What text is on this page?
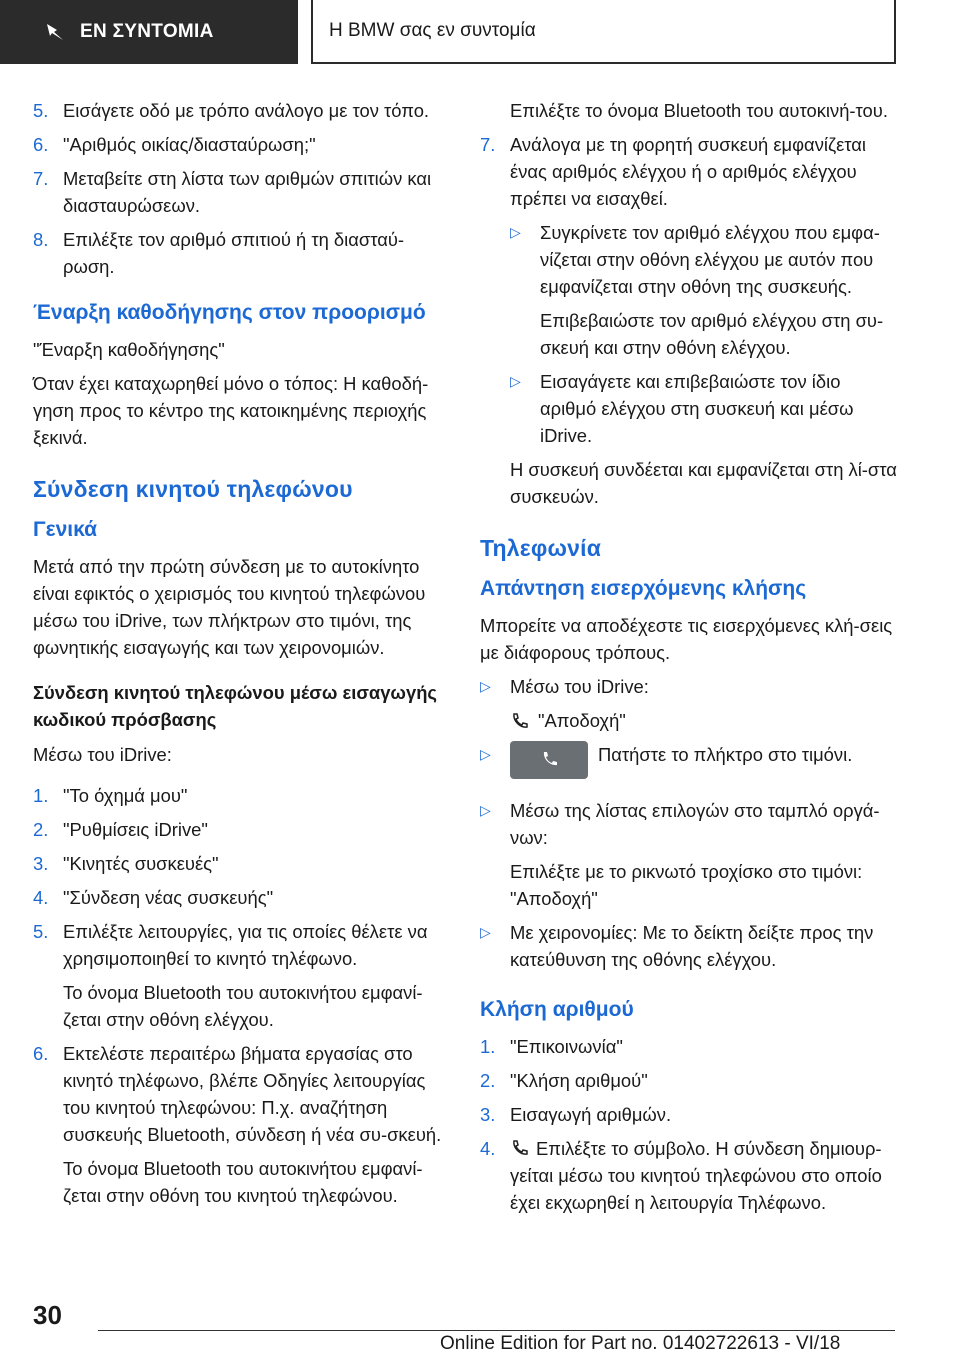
ΕΝ ΣΥΝΤΟΜΙΑ	Η BMW σας εν συντομία
5. Εισάγετε οδό με τρόπο ανάλογο με τον τόπο.
6. "Αριθμός οικίας/διασταύρωση;"
7. Μεταβείτε στη λίστα των αριθμών σπιτιών και διασταυρώσεων.
8. Επιλέξτε τον αριθμό σπιτιού ή τη διασταύ‐ρωση.
Έναρξη καθοδήγησης στον προορισμό
"Έναρξη καθοδήγησης"
Όταν έχει καταχωρηθεί μόνο ο τόπος: Η καθοδή‐γηση προς το κέντρο της κατοικημένης περιοχής ξεκινά.
Σύνδεση κινητού τηλεφώνου
Γενικά
Μετά από την πρώτη σύνδεση με το αυτοκίνητο είναι εφικτός ο χειρισμός του κινητού τηλεφώνου μέσω του iDrive, των πλήκτρων στο τιμόνι, της φωνητικής εισαγωγής και των χειρονομιών.
Σύνδεση κινητού τηλεφώνου μέσω εισαγωγής κωδικού πρόσβασης
Μέσω του iDrive:
1. "Το όχημά μου"
2. "Ρυθμίσεις iDrive"
3. "Κινητές συσκευές"
4. "Σύνδεση νέας συσκευής"
5. Επιλέξτε λειτουργίες, για τις οποίες θέλετε να χρησιμοποιηθεί το κινητό τηλέφωνο.
Το όνομα Bluetooth του αυτοκινήτου εμφανί‐ζεται στην οθόνη ελέγχου.
6. Εκτελέστε περαιτέρω βήματα εργασίας στο κινητό τηλέφωνο, βλέπε Οδηγίες λειτουργίας του κινητού τηλεφώνου: Π.χ. αναζήτηση συσκευής Bluetooth, σύνδεση ή νέα συ‐σκευή.
Το όνομα Bluetooth του αυτοκινήτου εμφανί‐ζεται στην οθόνη του κινητού τηλεφώνου.
Επιλέξτε το όνομα Bluetooth του αυτοκινή‐του.
7. Ανάλογα με τη φορητή συσκευή εμφανίζεται ένας αριθμός ελέγχου ή ο αριθμός ελέγχου πρέπει να εισαχθεί.
▷ Συγκρίνετε τον αριθμό ελέγχου που εμφα‐νίζεται στην οθόνη ελέγχου με αυτόν που εμφανίζεται στην οθόνη της συσκευής.
Επιβεβαιώστε τον αριθμό ελέγχου στη συ‐σκευή και στην οθόνη ελέγχου.
▷ Εισαγάγετε και επιβεβαιώστε τον ίδιο αριθμό ελέγχου στη συσκευή και μέσω iDrive.
Η συσκευή συνδέεται και εμφανίζεται στη λί‐στα συσκευών.
Τηλεφωνία
Απάντηση εισερχόμενης κλήσης
Μπορείτε να αποδέχεστε τις εισερχόμενες κλή‐σεις με διάφορους τρόπους.
▷ Μέσω του iDrive:
"Αποδοχή"
▷	Πατήστε το πλήκτρο στο τιμόνι.
▷ Μέσω της λίστας επιλογών στο ταμπλό οργά‐νων:
Επιλέξτε με το ρικνωτό τροχίσκο στο τιμόνι:
"Αποδοχή"
▷ Με χειρονομίες: Με το δείκτη δείξτε προς την κατεύθυνση της οθόνης ελέγχου.
Κλήση αριθμού
1. "Επικοινωνία"
2. "Κλήση αριθμού"
3. Εισαγωγή αριθμών.
4. Επιλέξτε το σύμβολο. Η σύνδεση δημιουρ‐γείται μέσω του κινητού τηλεφώνου στο οποίο έχει εκχωρηθεί η λειτουργία Τηλέφωνο.
30
Online Edition for Part no. 01402722613 - VI/18
